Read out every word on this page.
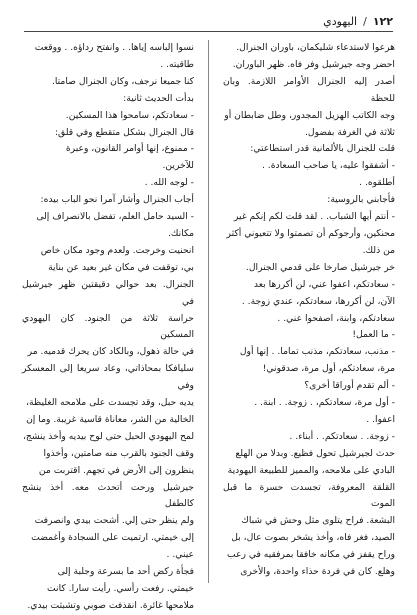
١٢٢
/
اليهودي

هرعوا لاستدعاء شليكمان، باوران الجنرال.

احضر وجه جيرشيل وفر فاه. ظهر الباوران.

أصدر إليه الجنرال الأوامر اللازمة. وبان للحظة

وجه الكاتب الهزيل المجدور، وطل ضابطان أو

ثلاثة في الغرفة بفضول.

قلت للجنرال بالألمانية قدر استطاعتي:

- أشفقوا عليه، يا صاحب السعادة. .

أطلقوه. .

فأجابني بالروسية:

- أنتم أيها الشباب. . لقد قلت لكم إنكم غير

محنكين، وأرجوكم أن تصمتوا ولا تتعيوني أكثر

من ذلك.

خر جيرشيل صارخا على قدمي الجنرال.

- سعادتكم، اعفوا عني، لن أكررها بعد

الآن، لن أكررها، سعادتكم، عندي زوجة. .

سعادتكم، وابنة، اصفحوا عني. .

- ما العمل!

- مذنب، سعادتكم، مذنب تماما. . إنها أول

مرة، سعادتكم، أول مرة، صدقوني!

- ألم تقدم أوراقا أخرى؟

- أول مرة، سعادتكم، . زوجة. . ابنة. .

اعفوا. .

- زوجة. . سعادتكم. . أبناء. .

حدث لجيرشيل تحول فظيع. وبدلا من الهلع

البادي على ملامحه، والمميز للطبيعة اليهودية

القلقة المعروفة، تجسدت حسرة ما قبل الموت

البشعة. فراح يتلوى مثل وحش في شباك

الصيد، فغر فاه، وأخذ يشخر بصوت عال، بل

وراح يقفز في مكانه خافقا بمرفقيه في رعب

وهلع. كان في فردة حذاء واحدة، والأخرى

نسوا إلباسه إياها. . وانفتح رداؤه. . ووقعت

طاقيته. .

كنا جميعا نرجف، وكان الجنرال صامتا.

بدأت الحديث ثانية:

- سعادتكم، سامحوا هذا المسكين.

قال الجنرال بشكل متقطع وفي قلق:

- ممنوع، إنها أوامر القانون، وعبرة

للآخرين.

- لوجه الله. .

أجاب الجنرال وأشار آمرا نحو الباب بيده:

- السيد حامل العلم، تفضل بالانصراف إلى

مكانك.

انحنيت وخرجت. ولعدم وجود مكان خاص

بي، توقفت في مكان غير بعيد عن بناية

الجنرال. بعد حوالي دقيقتين ظهر جيرشيل في

حراسة ثلاثة من الجنود. كان اليهودي المسكين

في حالة ذهول، وبالكاد كان يحرك قدميه. مر

سليافكا بمحاذاتي، وعاد سريعا إلى المعسكر وفي

يديه حبل، وقد تجسدت على ملامحه الغليظة،

الخالية من الشر، معاناة قاسية غريبة. وما إن

لمح اليهودي الحبل حتى لوح بيديه وأخذ ينشج،

وقف الجنود بالقرب منه صامتين، وأخذوا

ينظرون إلى الأرض في تجهم. اقتربت من

جيرشيل ورحت أتحدث معه. أخذ ينشج كالطفل

ولم ينظر حتى إلي. أشحت بيدي وانصرفت

إلى خيمتي. ارتميت على السجادة وأغمضت

عيني. .

فجأة ركض أحد ما بسرعة وجلبة إلى

خيمتي. رفعت رأسي. رأيت سارا. كانت

ملامحها غائرة. انقذفت صوبي وتشبثت بيدي.
